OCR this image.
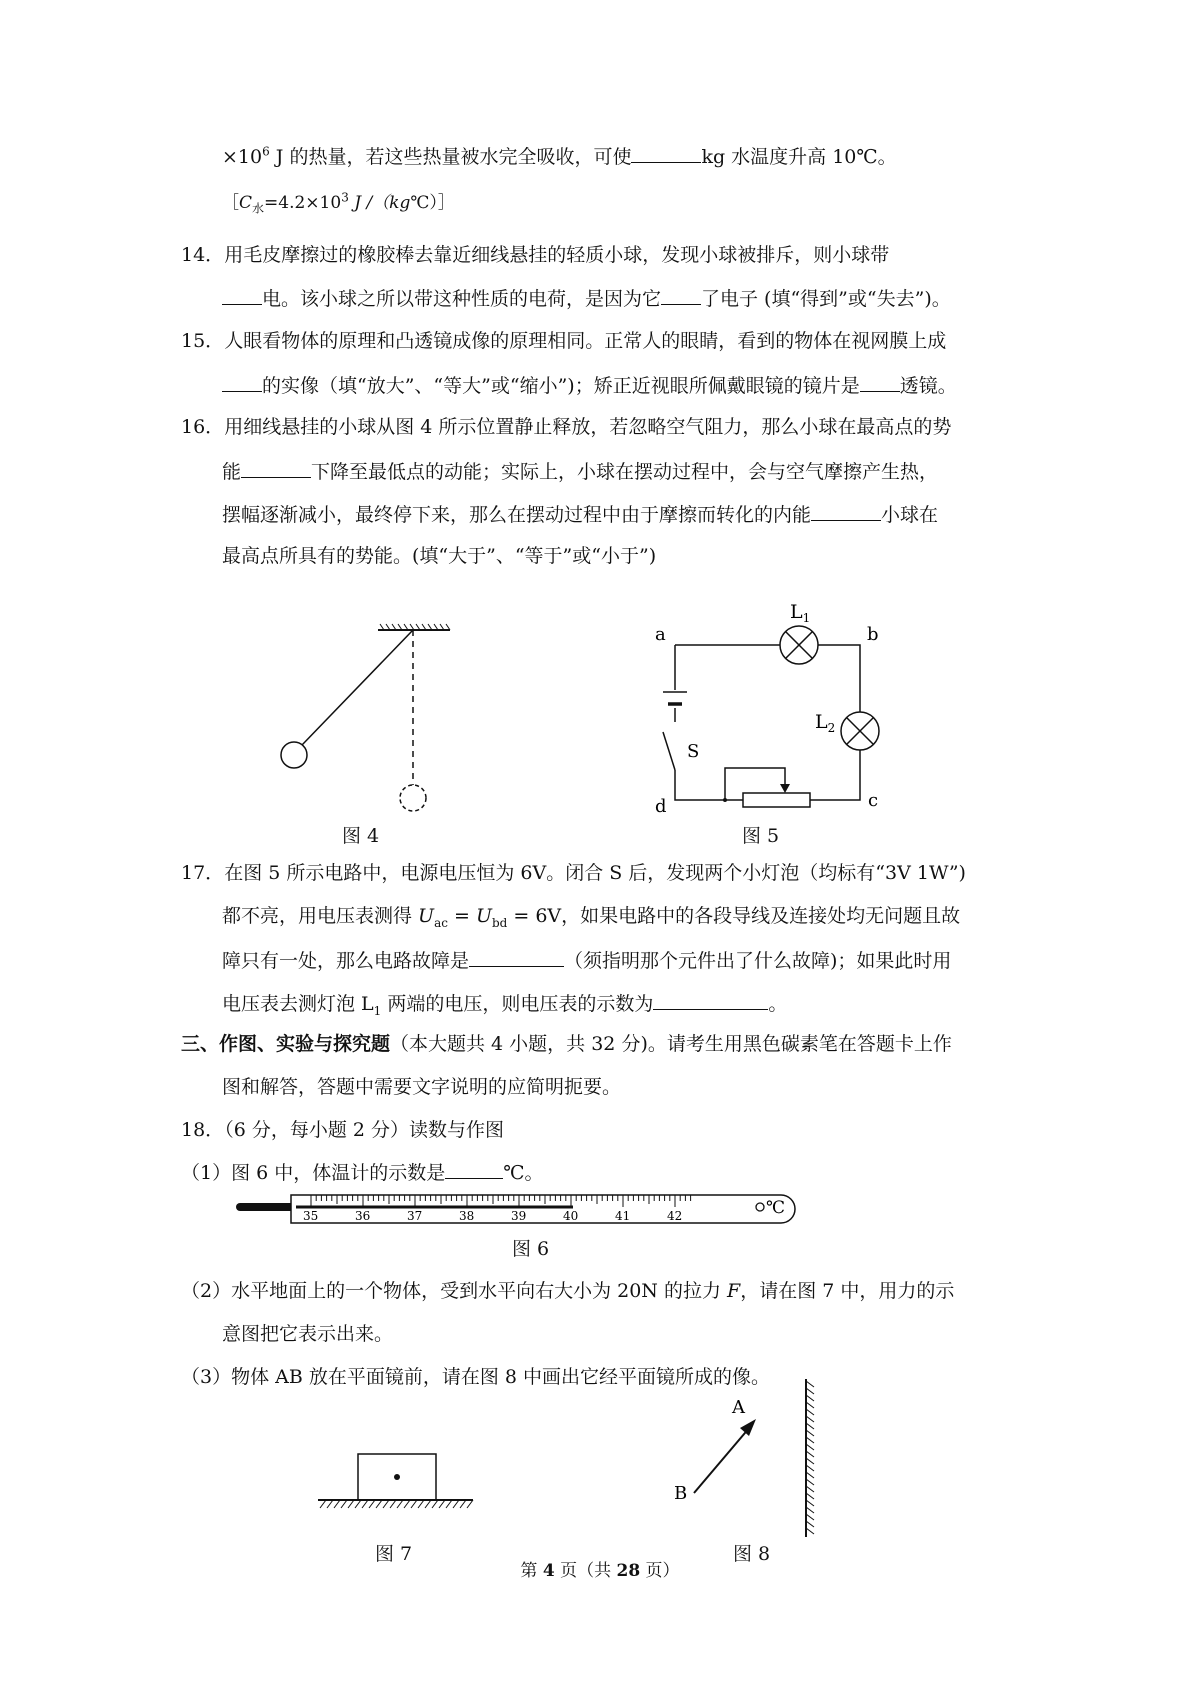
$\times 10^6$ J 的热量，若这些热量被水完全吸收，可使	kg 水温度升高 10℃。
$[C_水=4.2\times 10^3$ J /（kg℃）］
14．用毛皮摩擦过的橡胶棒去靠近细线悬挂的轻质小球，发现小球被排斥，则小球带
电。该小球之所以带这种性质的电荷，是因为它 了电子 (填“得到”或“失去”)。
15．人眼看物体的原理和凸透镜成像的原理相同。正常人的眼睛，看到的物体在视网膜上成
的实像（填“放大”、“等大”或“缩小”)；矫正近视眼所佩戴眼镜的镜片是 透镜。
16．用细线悬挂的小球从图 4 所示位置静止释放，若忽略空气阻力，那么小球在最高点的势
能	下降至最低点的动能；实际上，小球在摆动过程中，会与空气摩擦产生热，
摆幅逐渐减小，最终停下来，那么在摆动过程中由于摩擦而转化的内能	小球在
最高点所具有的势能。(填“大于”、“等于”或“小于”)
图 4
a	b
c
d
$L_1$
$L_2$
S
图 5
17．在图 5 所示电路中，电源电压恒为 6V。闭合 S 后，发现两个小灯泡（均标有“3V 1W”)
都不亮，用电压表测得 $U_{ac} = U_{bd} = 6V$，如果电路中的各段导线及连接处均无问题且故
障只有一处，那么电路故障是	（须指明那个元件出了什么故障)；如果此时用
电压表去测灯泡 $L_1$ 两端的电压，则电压表的示数为	。
三、作图、实验与探究题（本大题共 4 小题，共 32 分)。请考生用黑色碳素笔在答题卡上作
图和解答，答题中需要文字说明的应简明扼要。
18．（6 分，每小题 2 分）读数与作图
（1）图 6 中，体温计的示数是	℃。
35	36	37	38	39	40	41	42	℃
图 6
（2）水平地面上的一个物体，受到水平向右大小为 20N 的拉力 F，请在图 7 中，用力的示
意图把它表示出来。
（3）物体 AB 放在平面镜前，请在图 8 中画出它经平面镜所成的像。
图 7
A
B
图 8
第 4 页（共 28 页）
